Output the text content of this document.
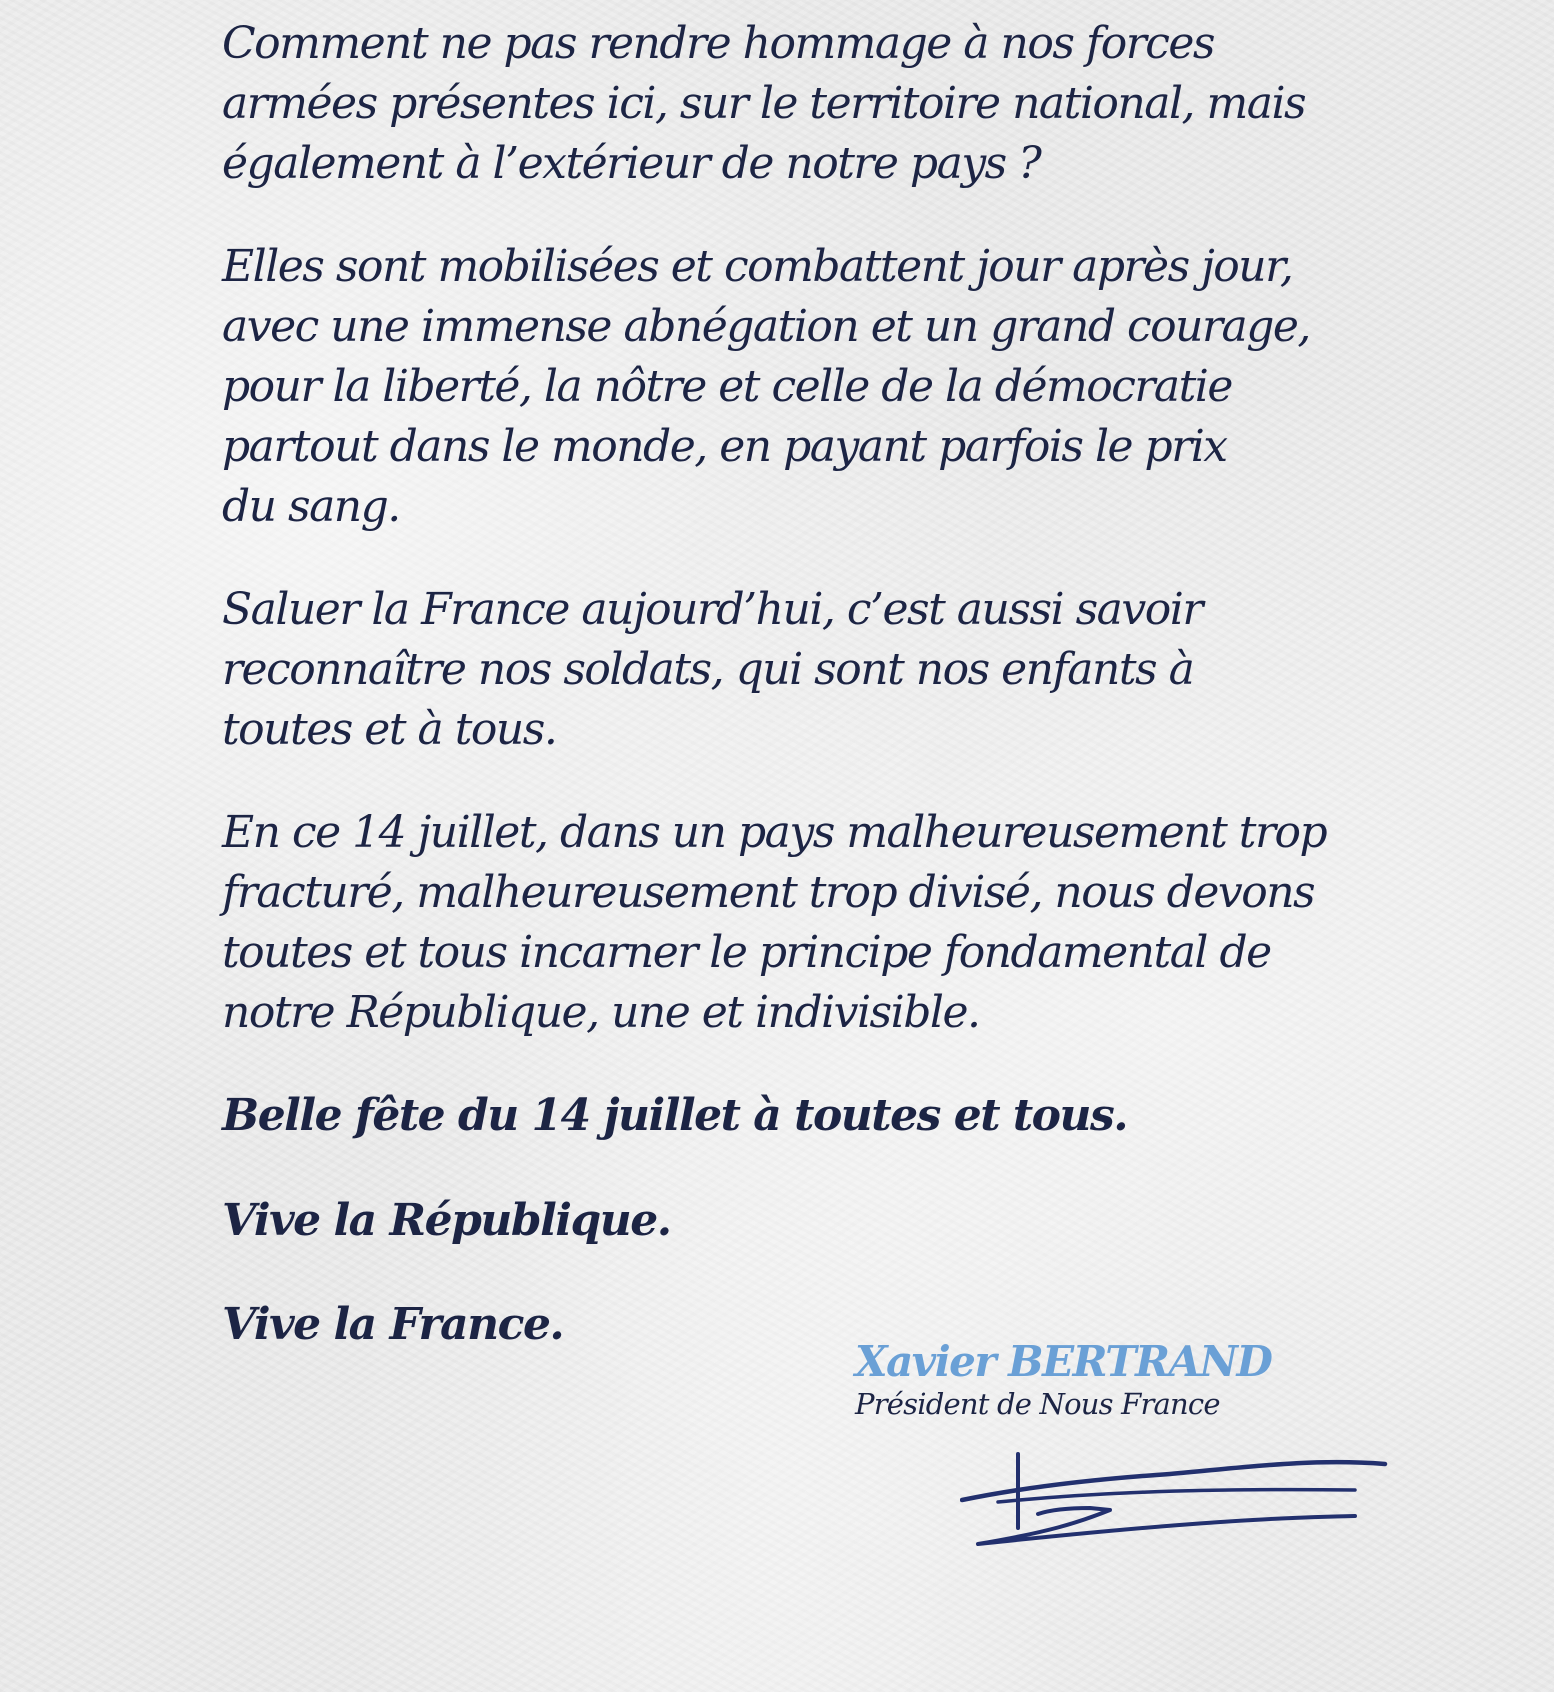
Comment ne pas rendre hommage à nos forces
armées présentes ici, sur le territoire national, mais
également à l’extérieur de notre pays ?

Elles sont mobilisées et combattent jour après jour,
avec une immense abnégation et un grand courage,
pour la liberté, la nôtre et celle de la démocratie
partout dans le monde, en payant parfois le prix
du sang.

Saluer la France aujourd’hui, c’est aussi savoir
reconnaître nos soldats, qui sont nos enfants à
toutes et à tous.

En ce 14 juillet, dans un pays malheureusement trop
fracturé, malheureusement trop divisé, nous devons
toutes et tous incarner le principe fondamental de
notre République, une et indivisible.

Belle fête du 14 juillet à toutes et tous.

Vive la République.

Vive la France.

Xavier BERTRAND
Président de Nous France
